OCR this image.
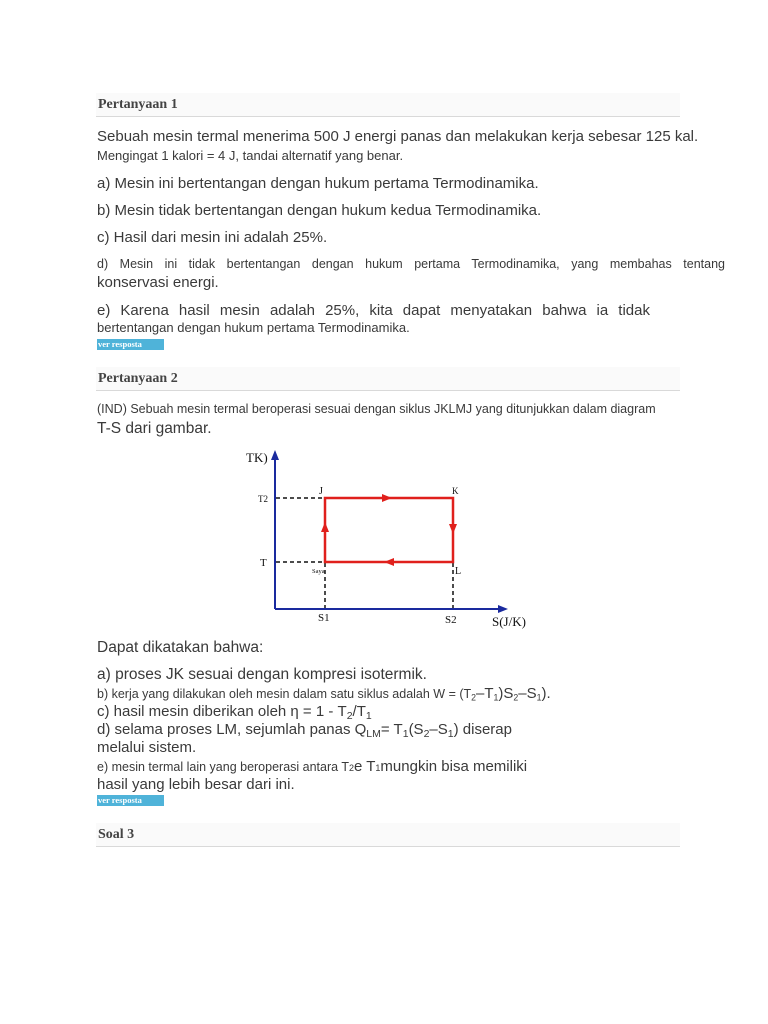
Pertanyaan 1
Sebuah mesin termal menerima 500 J energi panas dan melakukan kerja sebesar 125 kal.
Mengingat 1 kalori = 4 J, tandai alternatif yang benar.
a) Mesin ini bertentangan dengan hukum pertama Termodinamika.
b) Mesin tidak bertentangan dengan hukum kedua Termodinamika.
c) Hasil dari mesin ini adalah 25%.
d) Mesin ini tidak bertentangan dengan hukum pertama Termodinamika, yang membahas tentang
konservasi energi.
e) Karena hasil mesin adalah 25%, kita dapat menyatakan bahwa ia tidak
bertentangan dengan hukum pertama Termodinamika.
ver resposta
Pertanyaan 2
(IND) Sebuah mesin termal beroperasi sesuai dengan siklus JKLMJ yang ditunjukkan dalam diagram
T-S dari gambar.
TK)
S(J/K)
T2
T
S1	S2
J	K
L
Saya
Dapat dikatakan bahwa:
a) proses JK sesuai dengan kompresi isotermik.
b) kerja yang dilakukan oleh mesin dalam satu siklus adalah $W = (T_2-T_1)S_2-S_1$).
c) hasil mesin diberikan oleh $\eta = 1 - T_2/T_1$
d) selama proses LM, sejumlah panas $Q_{LM}= T_1(S_2-S_1)$ diserap
melalui sistem.
e) mesin termal lain yang beroperasi antara T2e T1mungkin bisa memiliki
hasil yang lebih besar dari ini.
ver resposta
Soal 3
